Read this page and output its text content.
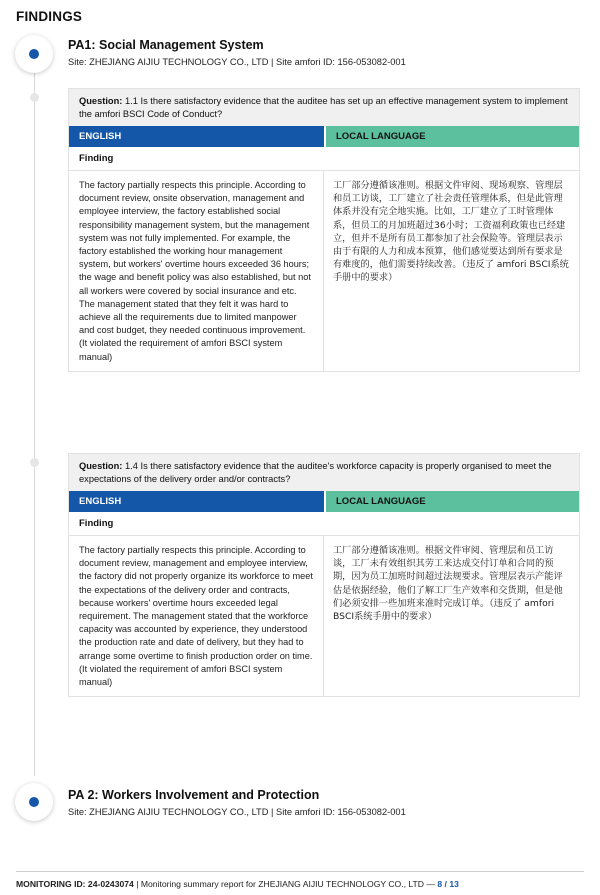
FINDINGS
PA1: Social Management System
Site: ZHEJIANG AIJIU TECHNOLOGY CO., LTD | Site amfori ID: 156-053082-001
Question: 1.1 Is there satisfactory evidence that the auditee has set up an effective management system to implement the amfori BSCI Code of Conduct?
ENGLISH	LOCAL LANGUAGE
Finding
The factory partially respects this principle. According to document review, onsite observation, management and employee interview, the factory established social responsibility management system, but the management system was not fully implemented. For example, the factory established the working hour management system, but workers' overtime hours exceeded 36 hours; the wage and benefit policy was also established, but not all workers were covered by social insurance and etc. The management stated that they felt it was hard to achieve all the requirements due to limited manpower and cost budget, they needed continuous improvement. (It violated the requirement of amfori BSCI system manual)
工厂部分遵循该准则。根据文件审阅、现场观察、管理层和员工访谈，工厂建立了社会责任管理体系，但是此管理体系并没有完全地实施。比如，工厂建立了工时管理体系，但员工的月加班超过36小时；工资福利政策也已经建立，但并不是所有员工都参加了社会保险等。管理层表示由于有限的人力和成本预算，他们感觉要达到所有要求是有难度的，他们需要持续改善。（违反了 amfori BSCI系统手册中的要求）
Question: 1.4 Is there satisfactory evidence that the auditee's workforce capacity is properly organised to meet the expectations of the delivery order and/or contracts?
ENGLISH	LOCAL LANGUAGE
Finding
The factory partially respects this principle. According to document review, management and employee interview, the factory did not properly organize its workforce to meet the expectations of the delivery order and contracts, because workers' overtime hours exceeded legal requirement. The management stated that the workforce capacity was accounted by experience, they understood the production rate and date of delivery, but they had to arrange some overtime to finish production order on time. (It violated the requirement of amfori BSCI system manual)
工厂部分遵循该准则。根据文件审阅、管理层和员工访谈，工厂未有效组织其劳工来达成交付订单和合同的预期，因为员工加班时间超过法规要求。管理层表示产能评估是依据经验，他们了解工厂生产效率和交货期，但是他们必须安排一些加班来准时完成订单。（违反了 amfori BSCI系统手册中的要求）
PA 2: Workers Involvement and Protection
Site: ZHEJIANG AIJIU TECHNOLOGY CO., LTD | Site amfori ID: 156-053082-001
MONITORING ID: 24-0243074 | Monitoring summary report for ZHEJIANG AIJIU TECHNOLOGY CO., LTD — 8 / 13
